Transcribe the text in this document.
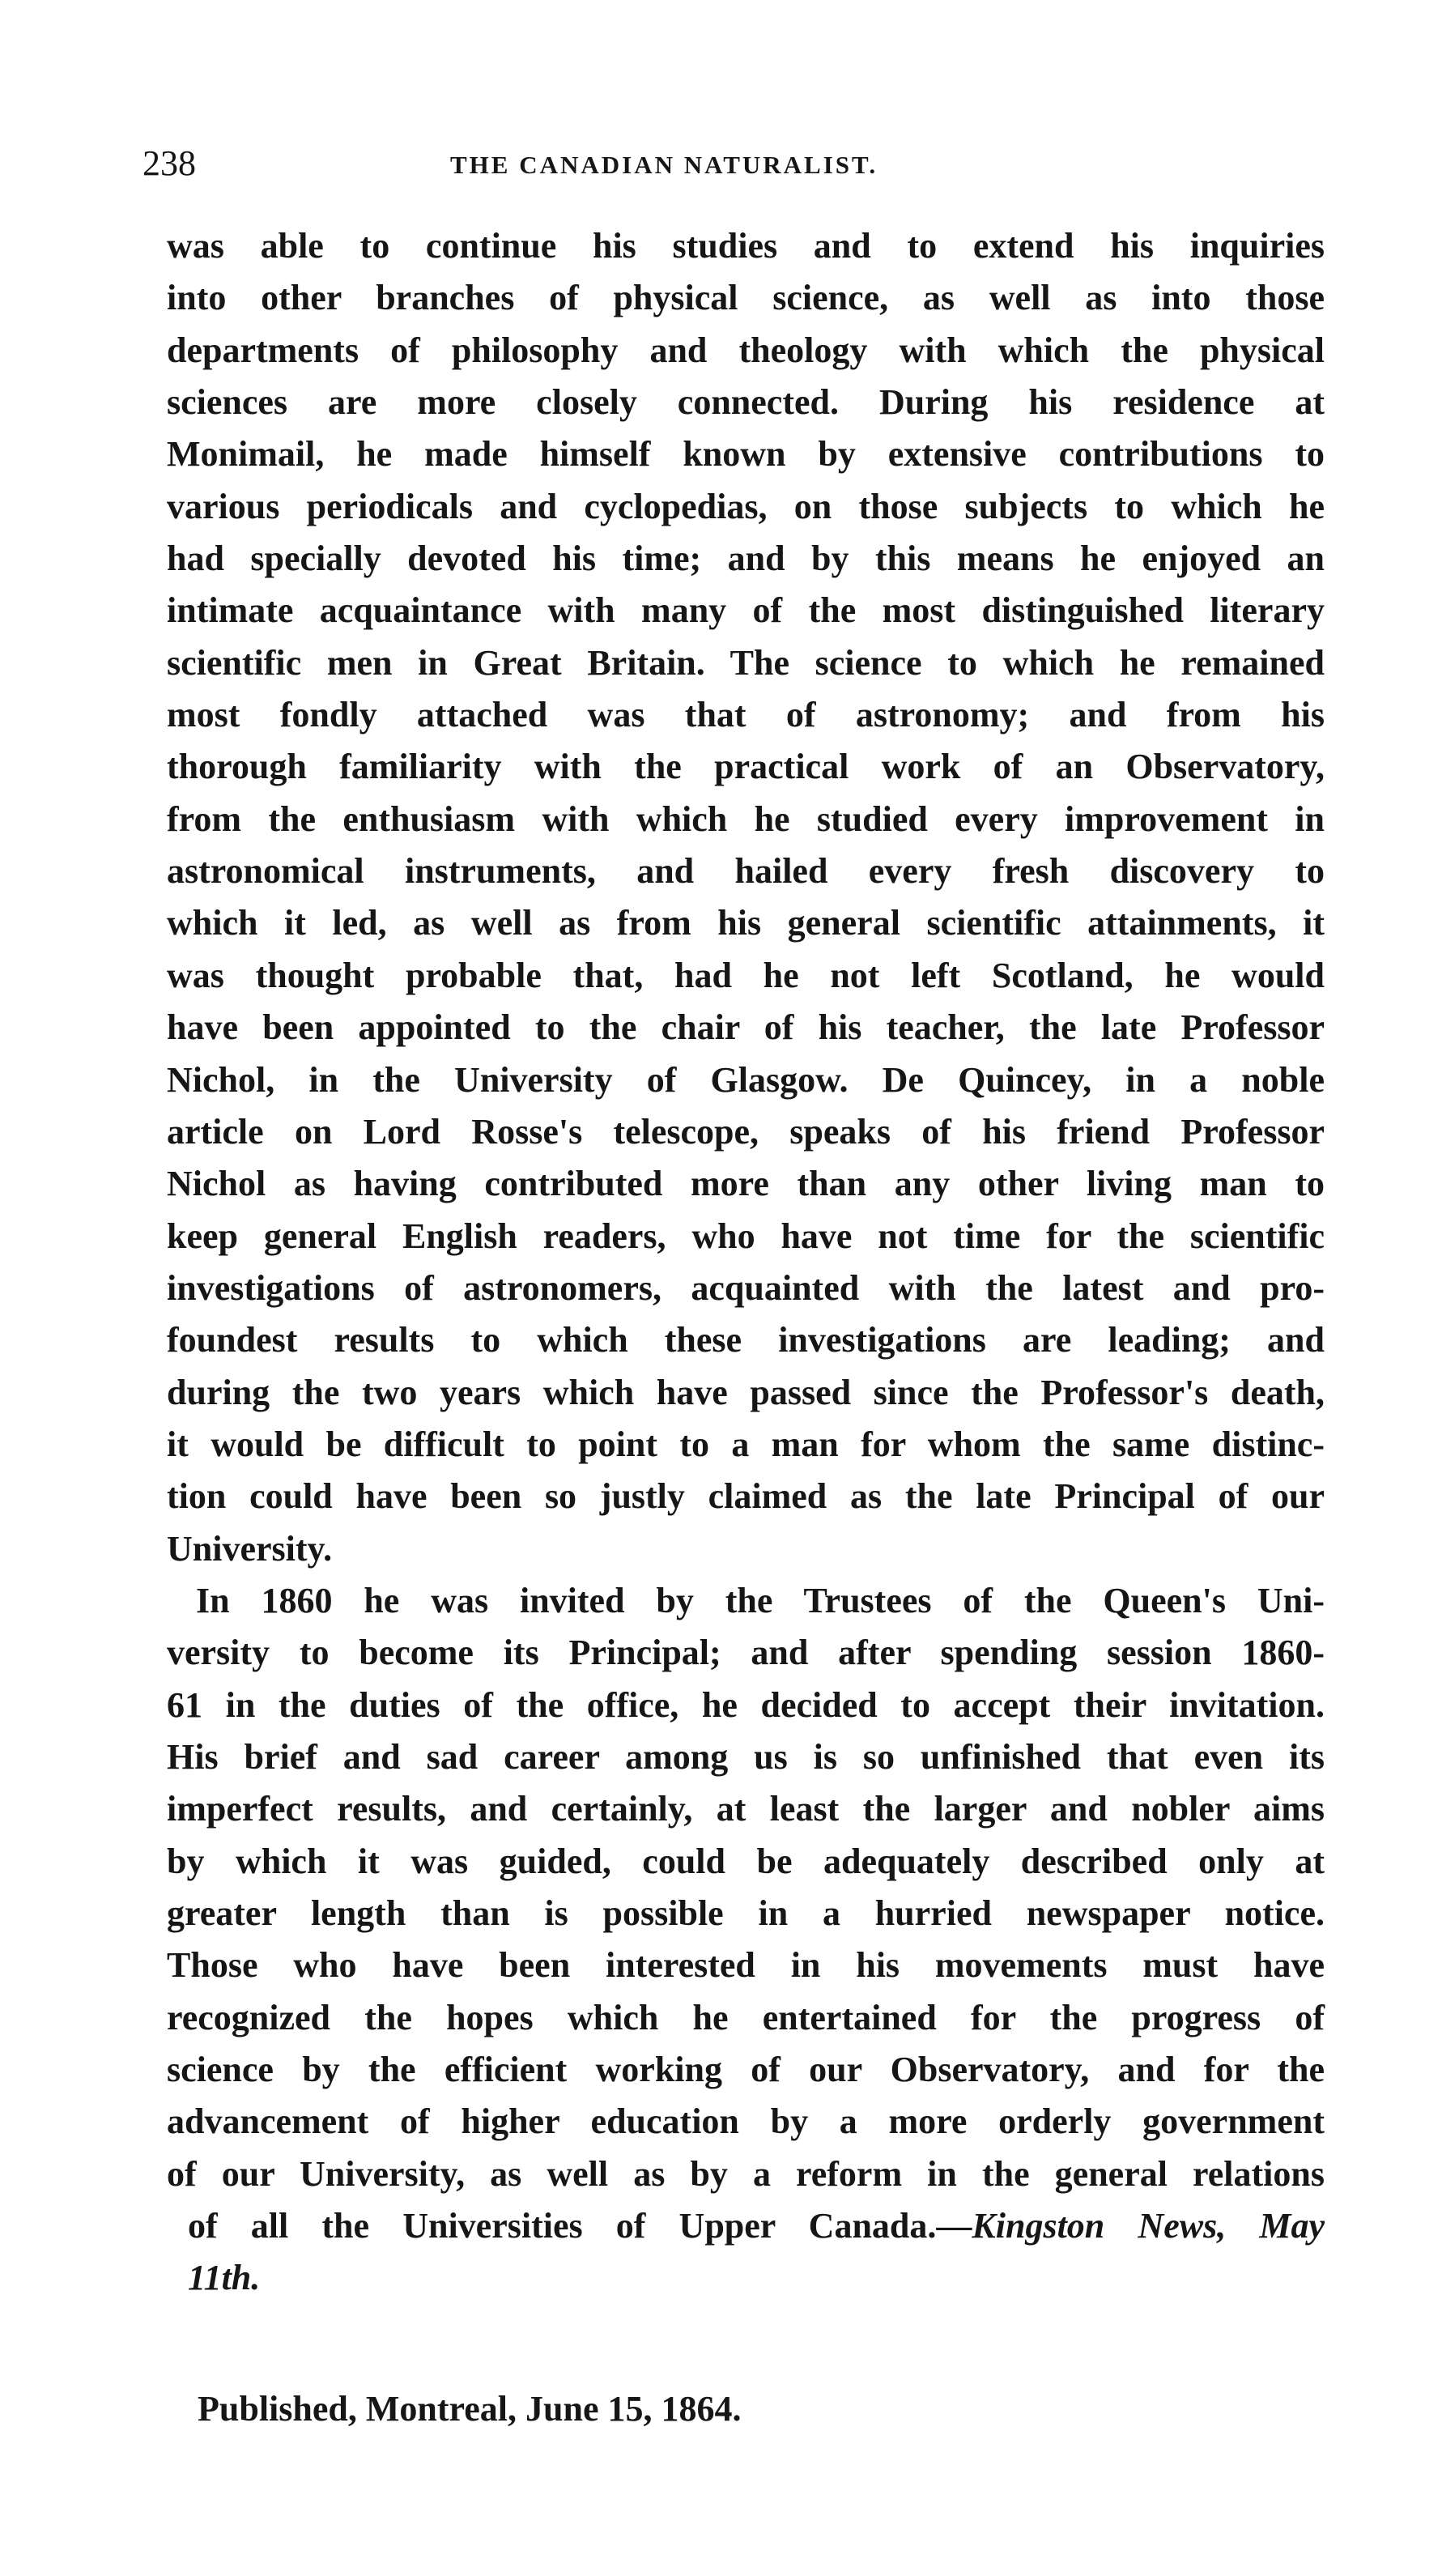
238	THE CANADIAN NATURALIST.
was able to continue his studies and to extend his inquiries
into other branches of physical science, as well as into those
departments of philosophy and theology with which the physical
sciences are more closely connected. During his residence at
Monimail, he made himself known by extensive contributions to
various periodicals and cyclopedias, on those subjects to which he
had specially devoted his time; and by this means he enjoyed an
intimate acquaintance with many of the most distinguished literary
scientific men in Great Britain. The science to which he remained
most fondly attached was that of astronomy; and from his
thorough familiarity with the practical work of an Observatory,
from the enthusiasm with which he studied every improvement in
astronomical instruments, and hailed every fresh discovery to
which it led, as well as from his general scientific attainments, it
was thought probable that, had he not left Scotland, he would
have been appointed to the chair of his teacher, the late Professor
Nichol, in the University of Glasgow. De Quincey, in a noble
article on Lord Rosse's telescope, speaks of his friend Professor
Nichol as having contributed more than any other living man to
keep general English readers, who have not time for the scientific
investigations of astronomers, acquainted with the latest and pro-
foundest results to which these investigations are leading; and
during the two years which have passed since the Professor's death,
it would be difficult to point to a man for whom the same distinc-
tion could have been so justly claimed as the late Principal of our
University.
In 1860 he was invited by the Trustees of the Queen's Uni-
versity to become its Principal; and after spending session 1860-
61 in the duties of the office, he decided to accept their invitation.
His brief and sad career among us is so unfinished that even its
imperfect results, and certainly, at least the larger and nobler aims
by which it was guided, could be adequately described only at
greater length than is possible in a hurried newspaper notice.
Those who have been interested in his movements must have
recognized the hopes which he entertained for the progress of
science by the efficient working of our Observatory, and for the
advancement of higher education by a more orderly government
of our University, as well as by a reform in the general relations
of all the Universities of Upper Canada.—Kingston News, May
11th.
Published, Montreal, June 15, 1864.
